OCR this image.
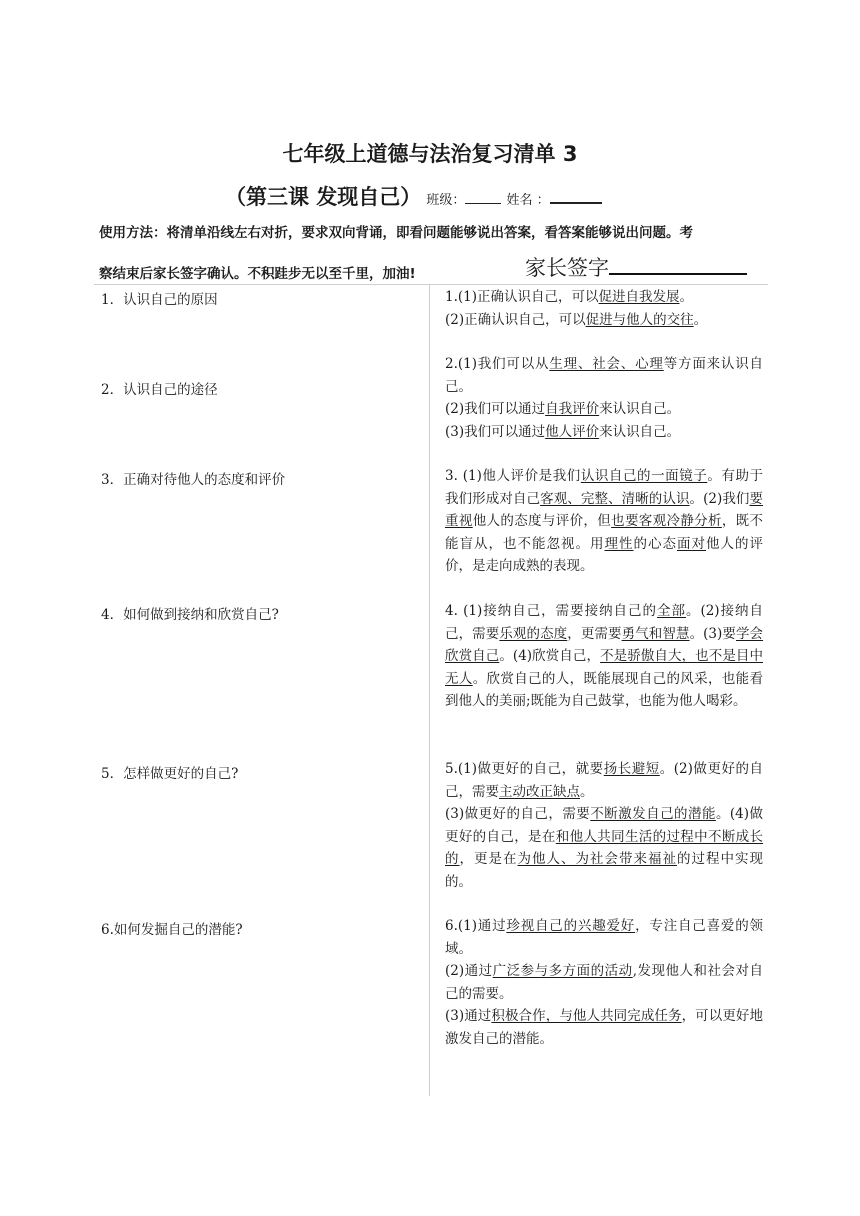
七年级上道德与法治复习清单 3
（第三课 发现自己） 班级：	姓名 ：
使用方法：将清单沿线左右对折，要求双向背诵，即看问题能够说出答案，看答案能够说出问题。考
察结束后家长签字确认。不积跬步无以至千里，加油!	家长签字
1．认识自己的原因
2．认识自己的途径
3．正确对待他人的态度和评价
4．如何做到接纳和欣赏自己?
5．怎样做更好的自己?
6.如何发掘自己的潜能?

1.(1)正确认识自己，可以促进自我发展。

(2)正确认识自己，可以促进与他人的交往。

2.(1)我们可以从生理、社会、心理等方面来认识自己。

(2)我们可以通过自我评价来认识自己。

(3)我们可以通过他人评价来认识自己。

3. (1)他人评价是我们认识自己的一面镜子。有助于我们形成对自己客观、完整、清晰的认识。(2)我们要重视他人的态度与评价，但也要客观冷静分析，既不能盲从，也不能忽视。用理性的心态面对他人的评价，是走向成熟的表现。

4. (1)接纳自己，需要接纳自己的全部。(2)接纳自己，需要乐观的态度，更需要勇气和智慧。(3)要学会欣赏自己。(4)欣赏自己，不是骄傲自大，也不是目中无人。欣赏自己的人，既能展现自己的风采，也能看到他人的美丽;既能为自己鼓掌，也能为他人喝彩。

5.(1)做更好的自己，就要扬长避短。(2)做更好的自己，需要主动改正缺点。

(3)做更好的自己，需要不断激发自己的潜能。(4)做更好的自己，是在和他人共同生活的过程中不断成长的，更是在为他人、为社会带来福祉的过程中实现的。

6.(1)通过珍视自己的兴趣爱好，专注自己喜爱的领域。

(2)通过广泛参与多方面的活动,发现他人和社会对自己的需要。

(3)通过积极合作，与他人共同完成任务，可以更好地激发自己的潜能。
